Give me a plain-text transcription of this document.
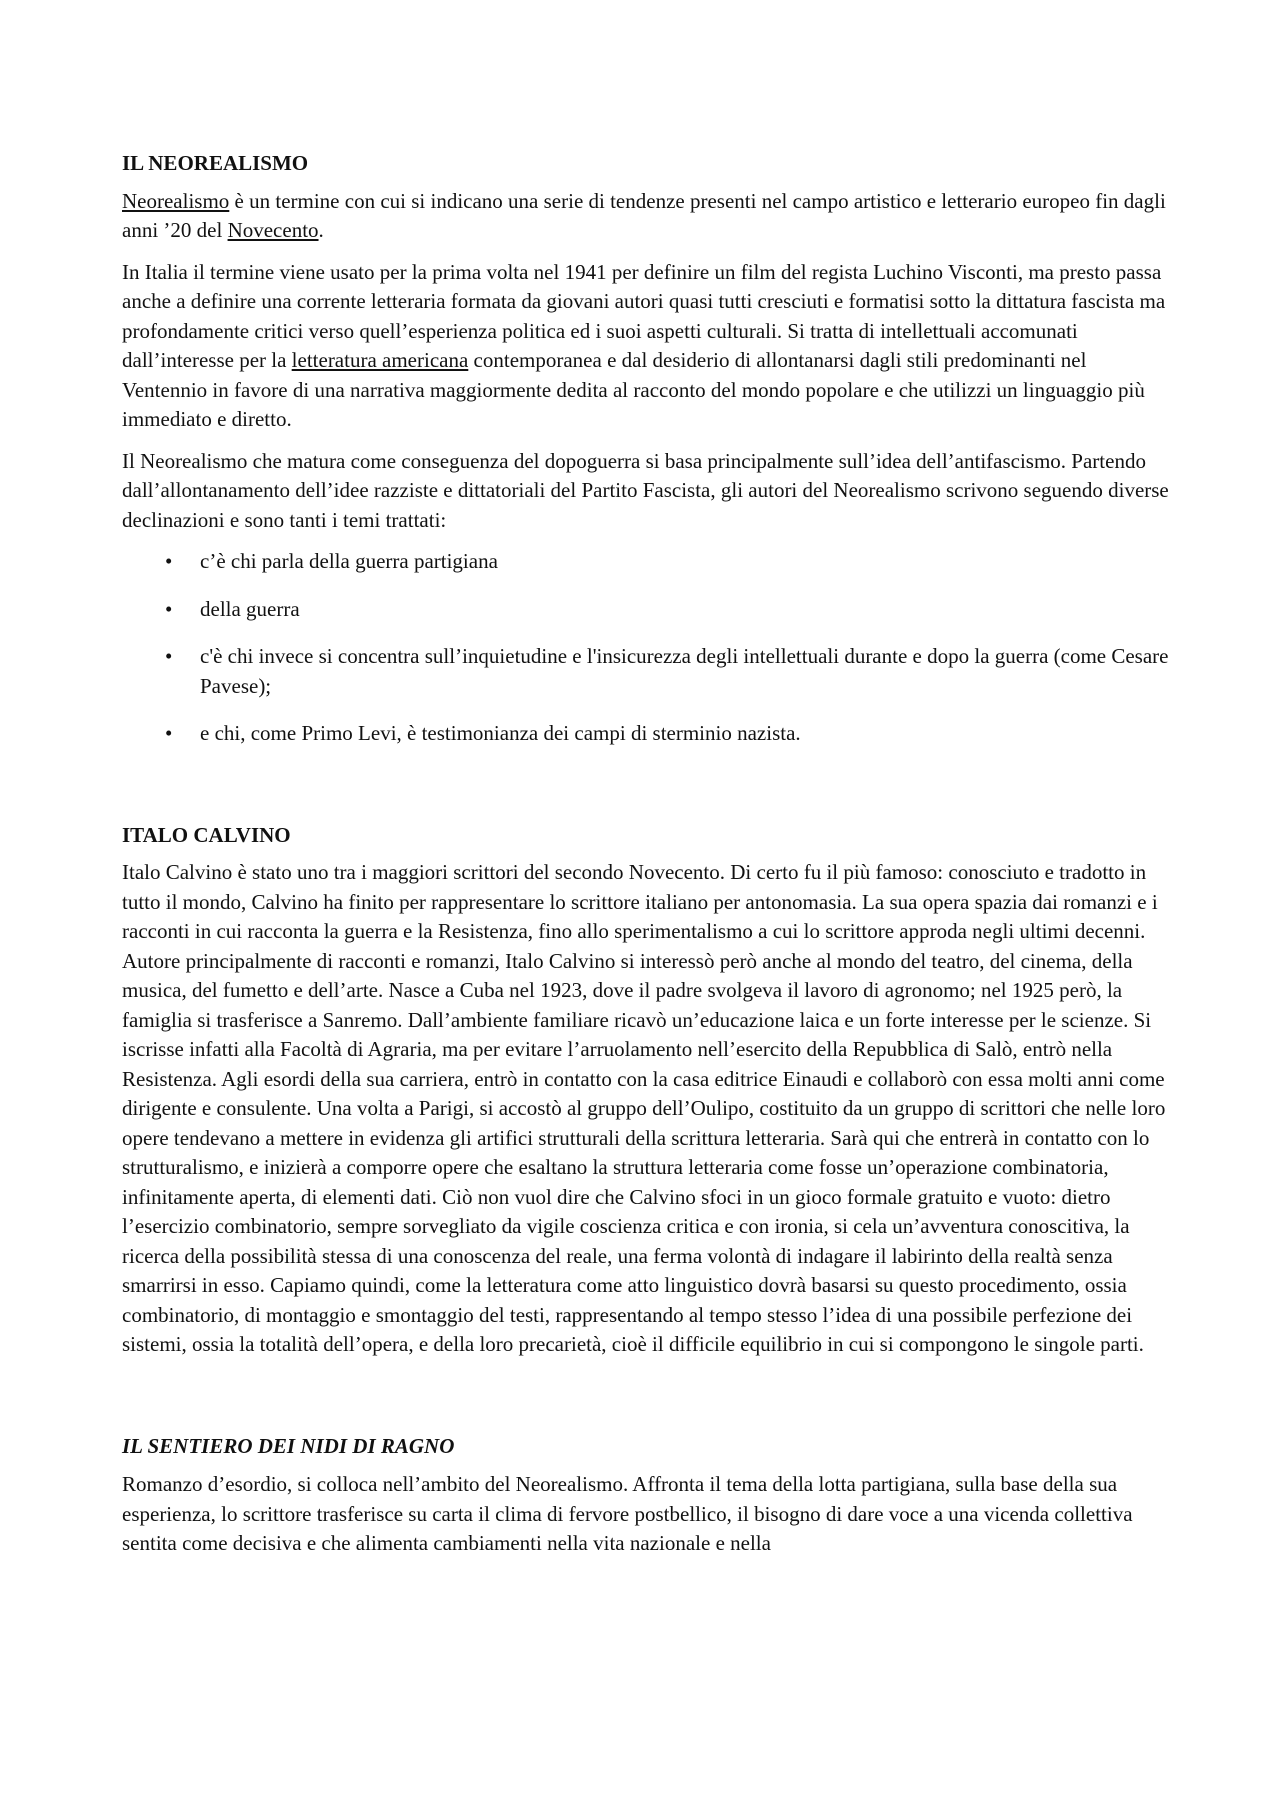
IL NEOREALISMO

Neorealismo è un termine con cui si indicano una serie di tendenze presenti nel campo artistico e letterario europeo fin dagli anni ’20 del Novecento.

In Italia il termine viene usato per la prima volta nel 1941 per definire un film del regista Luchino Visconti, ma presto passa anche a definire una corrente letteraria formata da giovani autori quasi tutti cresciuti e formatisi sotto la dittatura fascista ma profondamente critici verso quell’esperienza politica ed i suoi aspetti culturali. Si tratta di intellettuali accomunati dall’interesse per la letteratura americana contemporanea e dal desiderio di allontanarsi dagli stili predominanti nel Ventennio in favore di una narrativa maggiormente dedita al racconto del mondo popolare e che utilizzi un linguaggio più immediato e diretto.

Il Neorealismo che matura come conseguenza del dopoguerra si basa principalmente sull’idea dell’antifascismo. Partendo dall’allontanamento dell’idee razziste e dittatoriali del Partito Fascista, gli autori del Neorealismo scrivono seguendo diverse declinazioni e sono tanti i temi trattati:

• c’è chi parla della guerra partigiana
• della guerra
• c'è chi invece si concentra sull’inquietudine e l'insicurezza degli intellettuali durante e dopo la guerra (come Cesare Pavese);
• e chi, come Primo Levi, è testimonianza dei campi di sterminio nazista.
ITALO CALVINO

Italo Calvino è stato uno tra i maggiori scrittori del secondo Novecento. Di certo fu il più famoso: conosciuto e tradotto in tutto il mondo, Calvino ha finito per rappresentare lo scrittore italiano per antonomasia. La sua opera spazia dai romanzi e i racconti in cui racconta la guerra e la Resistenza, fino allo sperimentalismo a cui lo scrittore approda negli ultimi decenni. Autore principalmente di racconti e romanzi, Italo Calvino si interessò però anche al mondo del teatro, del cinema, della musica, del fumetto e dell’arte. Nasce a Cuba nel 1923, dove il padre svolgeva il lavoro di agronomo; nel 1925 però, la famiglia si trasferisce a Sanremo. Dall’ambiente familiare ricavò un’educazione laica e un forte interesse per le scienze. Si iscrisse infatti alla Facoltà di Agraria, ma per evitare l’arruolamento nell’esercito della Repubblica di Salò, entrò nella Resistenza. Agli esordi della sua carriera, entrò in contatto con la casa editrice Einaudi e collaborò con essa molti anni come dirigente e consulente. Una volta a Parigi, si accostò al gruppo dell’Oulipo, costituito da un gruppo di scrittori che nelle loro opere tendevano a mettere in evidenza gli artifici strutturali della scrittura letteraria. Sarà qui che entrerà in contatto con lo strutturalismo, e inizierà a comporre opere che esaltano la struttura letteraria come fosse un’operazione combinatoria, infinitamente aperta, di elementi dati. Ciò non vuol dire che Calvino sfoci in un gioco formale gratuito e vuoto: dietro l’esercizio combinatorio, sempre sorvegliato da vigile coscienza critica e con ironia, si cela un’avventura conoscitiva, la ricerca della possibilità stessa di una conoscenza del reale, una ferma volontà di indagare il labirinto della realtà senza smarrirsi in esso. Capiamo quindi, come la letteratura come atto linguistico dovrà basarsi su questo procedimento, ossia combinatorio, di montaggio e smontaggio del testi, rappresentando al tempo stesso l’idea di una possibile perfezione dei sistemi, ossia la totalità dell’opera, e della loro precarietà, cioè il difficile equilibrio in cui si compongono le singole parti.

IL SENTIERO DEI NIDI DI RAGNO

Romanzo d’esordio, si colloca nell’ambito del Neorealismo. Affronta il tema della lotta partigiana, sulla base della sua esperienza, lo scrittore trasferisce su carta il clima di fervore postbellico, il bisogno di dare voce a una vicenda collettiva sentita come decisiva e che alimenta cambiamenti nella vita nazionale e nella
